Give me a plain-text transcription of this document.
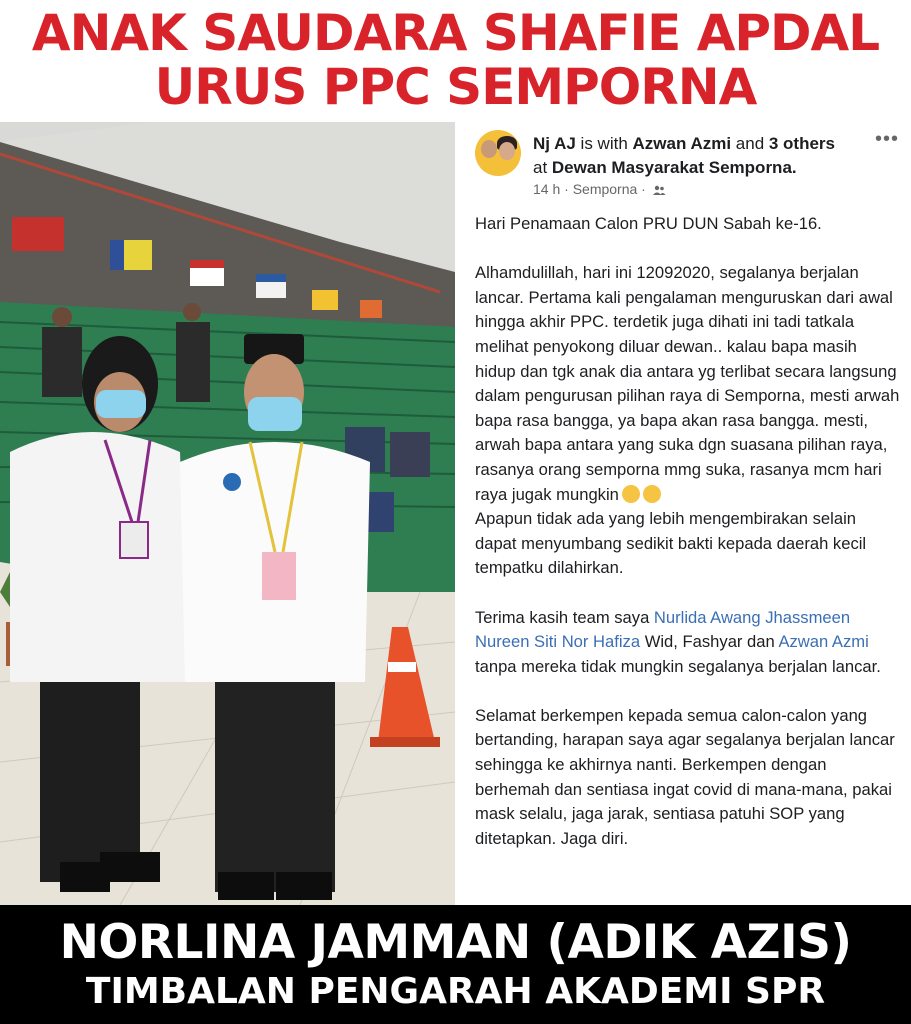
ANAK SAUDARA SHAFIE APDAL
URUS PPC SEMPORNA
Nj AJ is with Azwan Azmi and 3 others at Dewan Masyarakat Semporna.
14 h · Semporna ·
•••

Hari Penamaan Calon PRU DUN Sabah ke-16.

Alhamdulillah, hari ini 12092020, segalanya berjalan lancar. Pertama kali pengalaman menguruskan dari awal hingga akhir PPC. terdetik juga dihati ini tadi tatkala melihat penyokong diluar dewan.. kalau bapa masih hidup dan tgk anak dia antara yg terlibat secara langsung dalam pengurusan pilihan raya di Semporna, mesti arwah bapa rasa bangga, ya bapa akan rasa bangga. mesti, arwah bapa antara yang suka dgn suasana pilihan raya, rasanya orang semporna mmg suka, rasanya mcm hari raya jugak mungkin

Apapun tidak ada yang lebih mengembirakan selain dapat menyumbang sedikit bakti kepada daerah kecil tempatku dilahirkan.

Terima kasih team saya Nurlida Awang Jhassmeen Nureen Siti Nor Hafiza Wid, Fashyar dan Azwan Azmi tanpa mereka tidak mungkin segalanya berjalan lancar.

Selamat berkempen kepada semua calon-calon yang bertanding, harapan saya agar segalanya berjalan lancar sehingga ke akhirnya nanti. Berkempen dengan berhemah dan sentiasa ingat covid di mana-mana, pakai mask selalu, jaga jarak, sentiasa patuhi SOP yang ditetapkan. Jaga diri.

NORLINA JAMMAN (ADIK AZIS)
TIMBALAN PENGARAH AKADEMI SPR
